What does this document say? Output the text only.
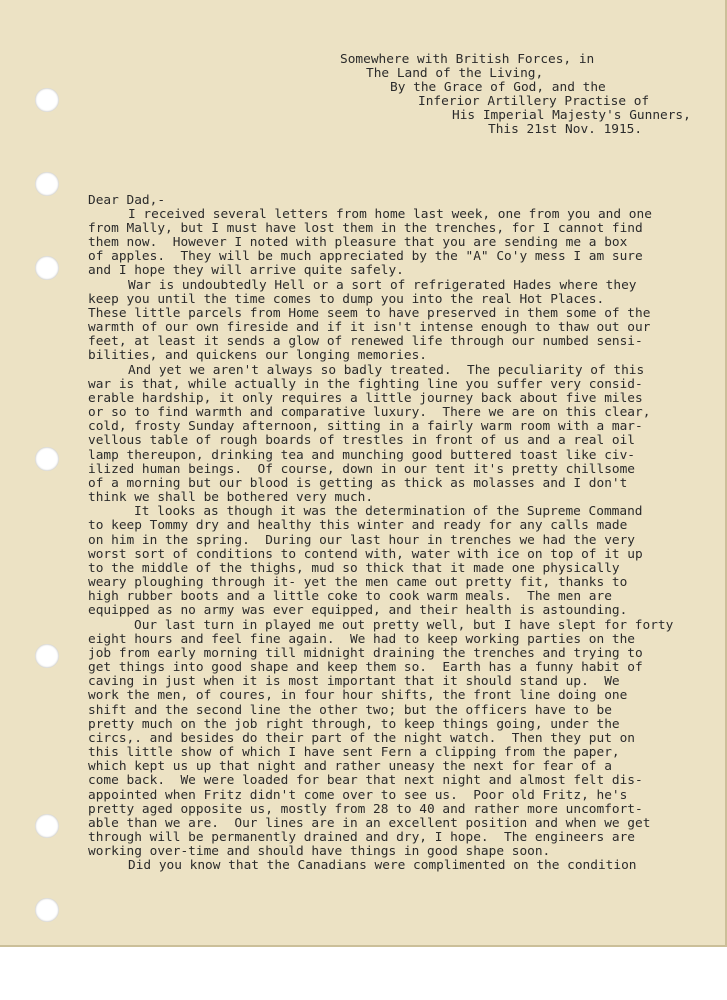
Somewhere with British Forces, in

The Land of the Living,

By the Grace of God, and the

Inferior Artillery Practise of

His Imperial Majesty's Gunners,

This 21st Nov. 1915.

Dear Dad,-

I received several letters from home last week, one from you and one

from Mally, but I must have lost them in the trenches, for I cannot find

them now.  However I noted with pleasure that you are sending me a box

of apples.  They will be much appreciated by the "A" Co'y mess I am sure

and I hope they will arrive quite safely.

War is undoubtedly Hell or a sort of refrigerated Hades where they

keep you until the time comes to dump you into the real Hot Places.

These little parcels from Home seem to have preserved in them some of the

warmth of our own fireside and if it isn't intense enough to thaw out our

feet, at least it sends a glow of renewed life through our numbed sensi-

bilities, and quickens our longing memories.

And yet we aren't always so badly treated.  The peculiarity of this

war is that, while actually in the fighting line you suffer very consid-

erable hardship, it only requires a little journey back about five miles

or so to find warmth and comparative luxury.  There we are on this clear,

cold, frosty Sunday afternoon, sitting in a fairly warm room with a mar-

vellous table of rough boards of trestles in front of us and a real oil

lamp thereupon, drinking tea and munching good buttered toast like civ-

ilized human beings.  Of course, down in our tent it's pretty chillsome

of a morning but our blood is getting as thick as molasses and I don't

think we shall be bothered very much.

It looks as though it was the determination of the Supreme Command

to keep Tommy dry and healthy this winter and ready for any calls made

on him in the spring.  During our last hour in trenches we had the very

worst sort of conditions to contend with, water with ice on top of it up

to the middle of the thighs, mud so thick that it made one physically

weary ploughing through it- yet the men came out pretty fit, thanks to

high rubber boots and a little coke to cook warm meals.  The men are

equipped as no army was ever equipped, and their health is astounding.

Our last turn in played me out pretty well, but I have slept for forty

eight hours and feel fine again.  We had to keep working parties on the

job from early morning till midnight draining the trenches and trying to

get things into good shape and keep them so.  Earth has a funny habit of

caving in just when it is most important that it should stand up.  We

work the men, of coures, in four hour shifts, the front line doing one

shift and the second line the other two; but the officers have to be

pretty much on the job right through, to keep things going, under the

circs,. and besides do their part of the night watch.  Then they put on

this little show of which I have sent Fern a clipping from the paper,

which kept us up that night and rather uneasy the next for fear of a

come back.  We were loaded for bear that next night and almost felt dis-

appointed when Fritz didn't come over to see us.  Poor old Fritz, he's

pretty aged opposite us, mostly from 28 to 40 and rather more uncomfort-

able than we are.  Our lines are in an excellent position and when we get

through will be permanently drained and dry, I hope.  The engineers are

working over-time and should have things in good shape soon.

Did you know that the Canadians were complimented on the condition
